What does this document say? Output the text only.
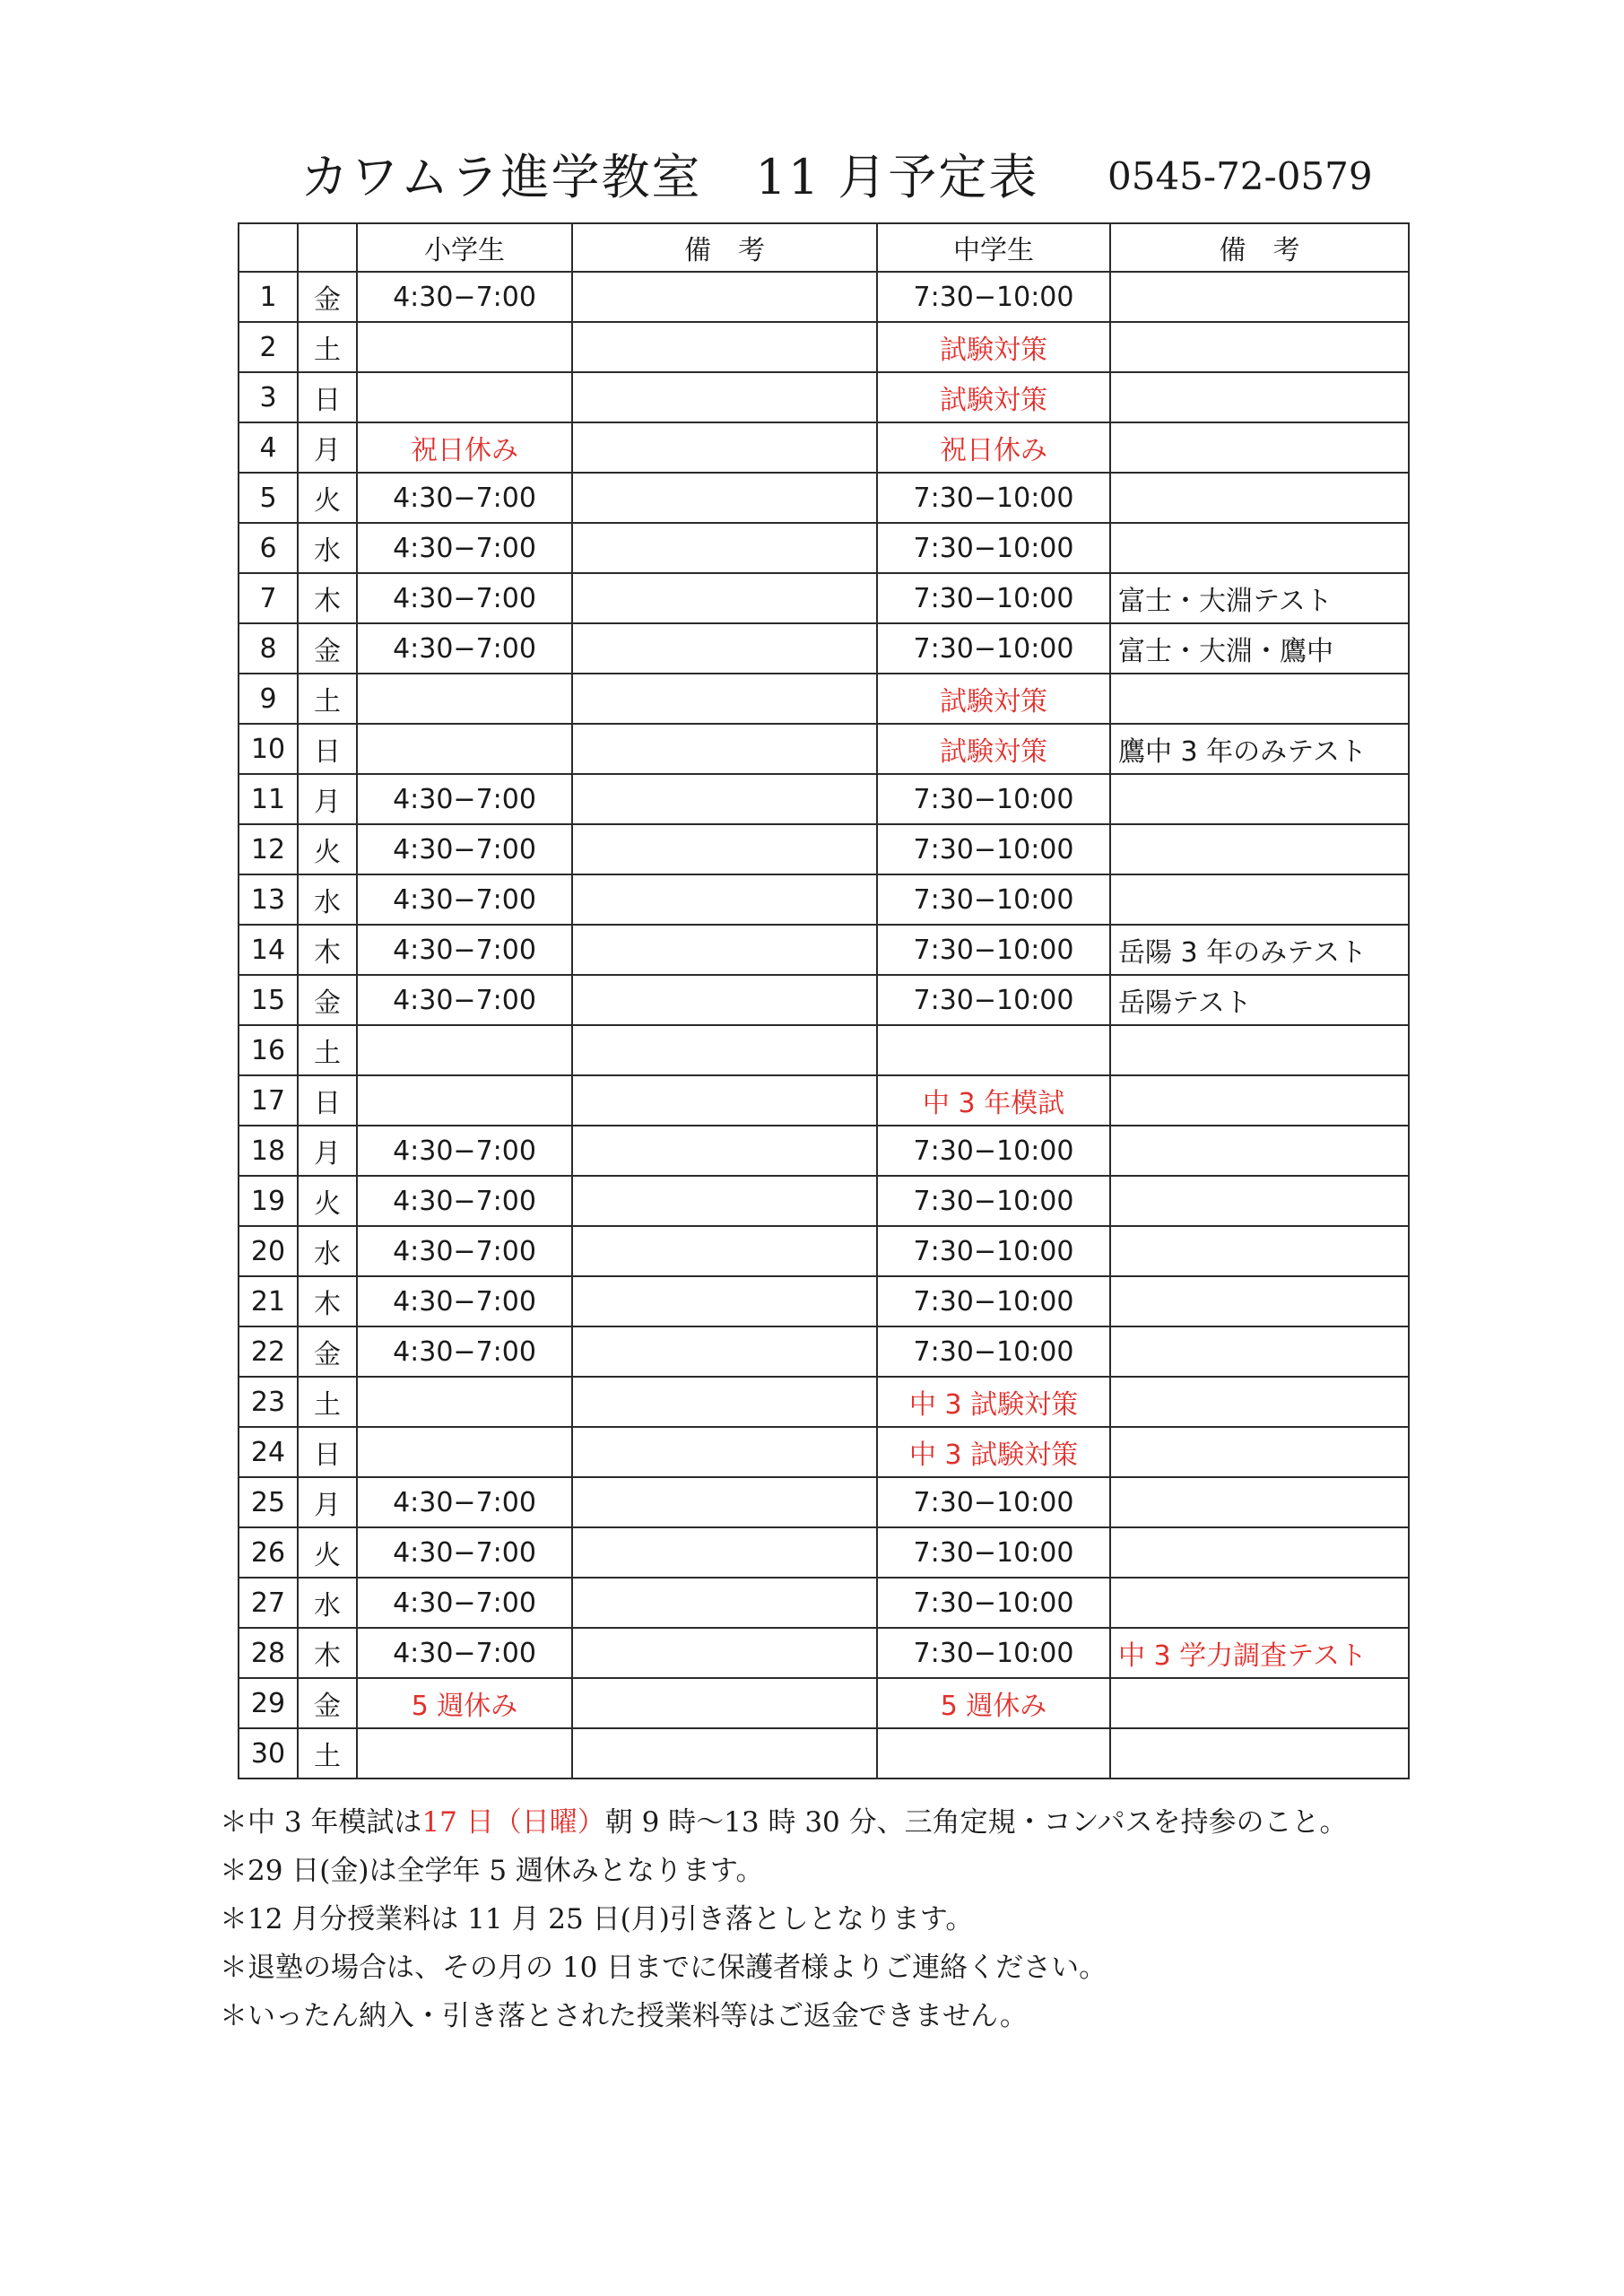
カワムラ進学教室 11 月予定表 0545-72-0579
		小学生	備　考	中学生	備　考
1	金	4:30−7:00		7:30−10:00	
2	土			試験対策	
3	日			試験対策	
4	月	祝日休み		祝日休み	
5	火	4:30−7:00		7:30−10:00	
6	水	4:30−7:00		7:30−10:00	
7	木	4:30−7:00		7:30−10:00	富士・大淵テスト
8	金	4:30−7:00		7:30−10:00	富士・大淵・鷹中
9	土			試験対策	
10	日			試験対策	鷹中 3 年のみテスト
11	月	4:30−7:00		7:30−10:00	
12	火	4:30−7:00		7:30−10:00	
13	水	4:30−7:00		7:30−10:00	
14	木	4:30−7:00		7:30−10:00	岳陽 3 年のみテスト
15	金	4:30−7:00		7:30−10:00	岳陽テスト
16	土				
17	日			中 3 年模試	
18	月	4:30−7:00		7:30−10:00	
19	火	4:30−7:00		7:30−10:00	
20	水	4:30−7:00		7:30−10:00	
21	木	4:30−7:00		7:30−10:00	
22	金	4:30−7:00		7:30−10:00	
23	土			中 3 試験対策	
24	日			中 3 試験対策	
25	月	4:30−7:00		7:30−10:00	
26	火	4:30−7:00		7:30−10:00	
27	水	4:30−7:00		7:30−10:00	
28	木	4:30−7:00		7:30−10:00	中 3 学力調査テスト
29	金	5 週休み		5 週休み	
30	土				
＊中 3 年模試は17 日（日曜）朝 9 時～13 時 30 分、三角定規・コンパスを持参のこと。
＊29 日(金)は全学年 5 週休みとなります。
＊12 月分授業料は 11 月 25 日(月)引き落としとなります。
＊退塾の場合は、その月の 10 日までに保護者様よりご連絡ください。
＊いったん納入・引き落とされた授業料等はご返金できません。
